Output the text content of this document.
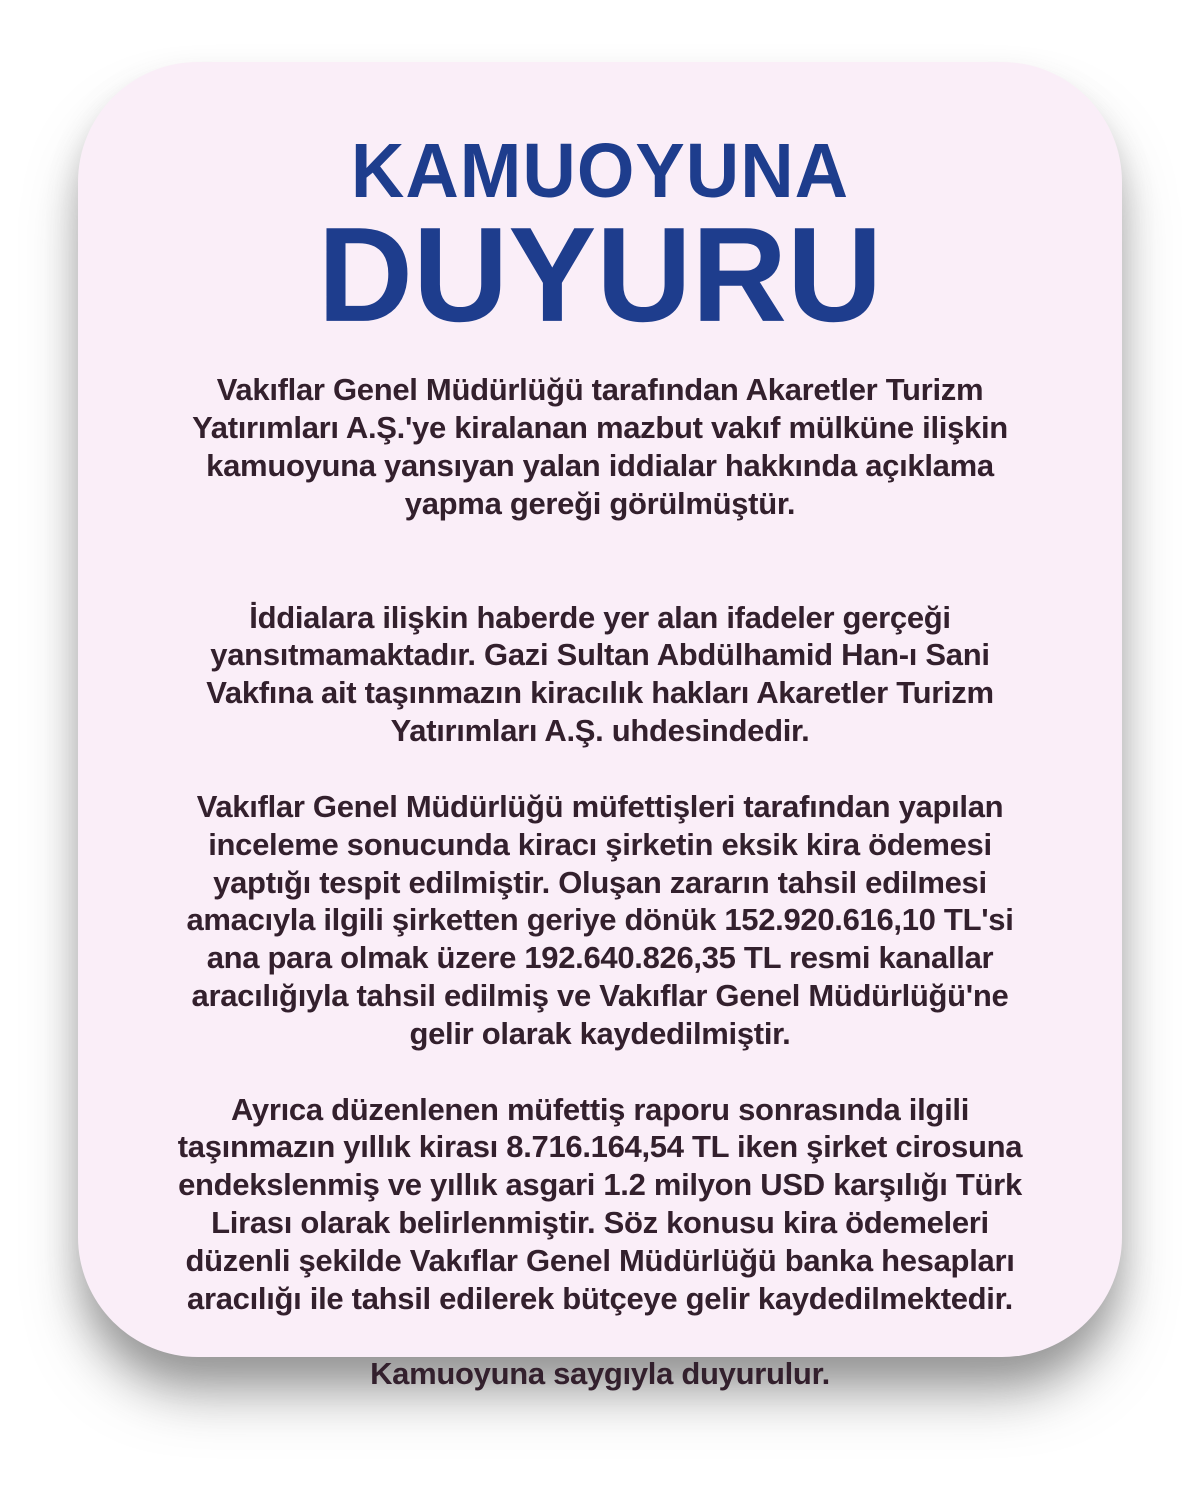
KAMUOYUNA
DUYURU

Vakıflar Genel Müdürlüğü tarafından Akaretler Turizm Yatırımları A.Ş.'ye kiralanan mazbut vakıf mülküne ilişkin kamuoyuna yansıyan yalan iddialar hakkında açıklama yapma gereği görülmüştür.

İddialara ilişkin haberde yer alan ifadeler gerçeği yansıtmamaktadır. Gazi Sultan Abdülhamid Han-ı Sani Vakfına ait taşınmazın kiracılık hakları Akaretler Turizm Yatırımları A.Ş. uhdesindedir.

Vakıflar Genel Müdürlüğü müfettişleri tarafından yapılan inceleme sonucunda kiracı şirketin eksik kira ödemesi yaptığı tespit edilmiştir. Oluşan zararın tahsil edilmesi amacıyla ilgili şirketten geriye dönük 152.920.616,10 TL'si ana para olmak üzere 192.640.826,35 TL resmi kanallar aracılığıyla tahsil edilmiş ve Vakıflar Genel Müdürlüğü'ne gelir olarak kaydedilmiştir.

Ayrıca düzenlenen müfettiş raporu sonrasında ilgili taşınmazın yıllık kirası 8.716.164,54 TL iken şirket cirosuna endekslenmiş ve yıllık asgari 1.2 milyon USD karşılığı Türk Lirası olarak belirlenmiştir. Söz konusu kira ödemeleri düzenli şekilde Vakıflar Genel Müdürlüğü banka hesapları aracılığı ile tahsil edilerek bütçeye gelir kaydedilmektedir.

Kamuoyuna saygıyla duyurulur.
